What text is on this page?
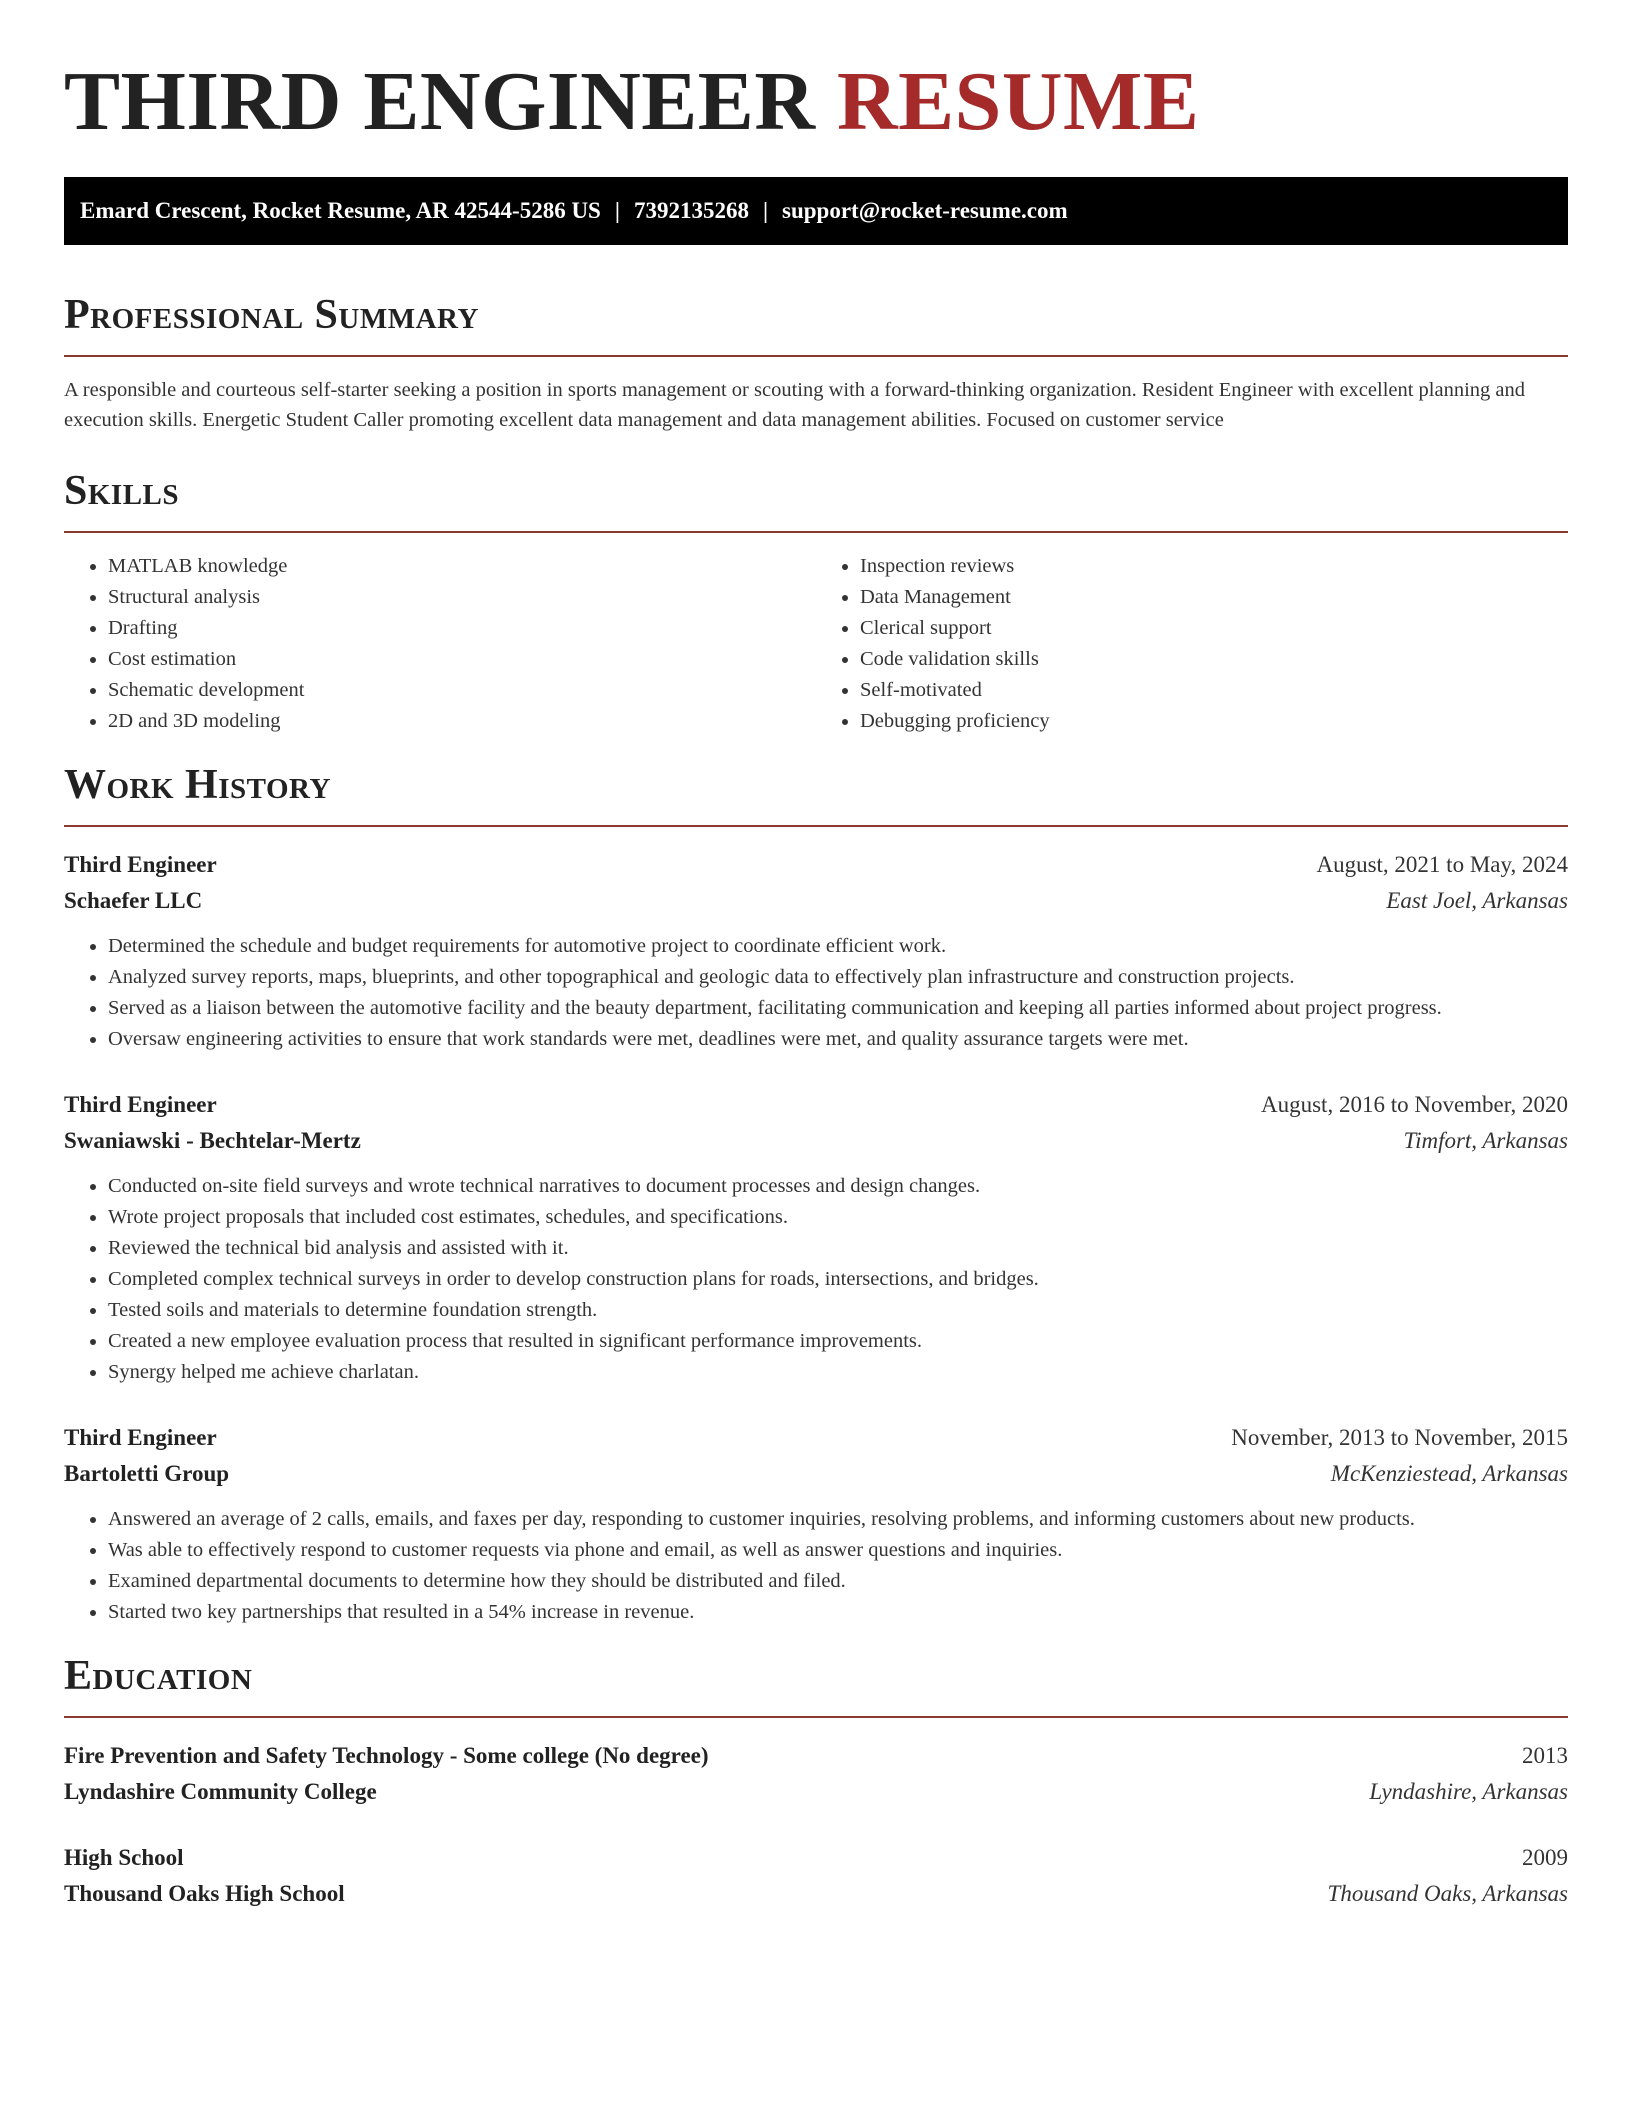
THIRD ENGINEER RESUME
Emard Crescent, Rocket Resume, AR 42544-5286 US | 7392135268 | support@rocket-resume.com
Professional Summary

A responsible and courteous self-starter seeking a position in sports management or scouting with a forward-thinking organization. Resident Engineer with excellent planning and execution skills. Energetic Student Caller promoting excellent data management and data management abilities. Focused on customer service

Skills
• MATLAB knowledge
• Structural analysis
• Drafting
• Cost estimation
• Schematic development
• 2D and 3D modeling
• Inspection reviews
• Data Management
• Clerical support
• Code validation skills
• Self-motivated
• Debugging proficiency
Work History
Third Engineer	August, 2021 to May, 2024
Schaefer LLC	East Joel, Arkansas
• Determined the schedule and budget requirements for automotive project to coordinate efficient work.
• Analyzed survey reports, maps, blueprints, and other topographical and geologic data to effectively plan infrastructure and construction projects.
• Served as a liaison between the automotive facility and the beauty department, facilitating communication and keeping all parties informed about project progress.
• Oversaw engineering activities to ensure that work standards were met, deadlines were met, and quality assurance targets were met.
Third Engineer	August, 2016 to November, 2020
Swaniawski - Bechtelar-Mertz	Timfort, Arkansas
• Conducted on-site field surveys and wrote technical narratives to document processes and design changes.
• Wrote project proposals that included cost estimates, schedules, and specifications.
• Reviewed the technical bid analysis and assisted with it.
• Completed complex technical surveys in order to develop construction plans for roads, intersections, and bridges.
• Tested soils and materials to determine foundation strength.
• Created a new employee evaluation process that resulted in significant performance improvements.
• Synergy helped me achieve charlatan.
Third Engineer	November, 2013 to November, 2015
Bartoletti Group	McKenziestead, Arkansas
• Answered an average of 2 calls, emails, and faxes per day, responding to customer inquiries, resolving problems, and informing customers about new products.
• Was able to effectively respond to customer requests via phone and email, as well as answer questions and inquiries.
• Examined departmental documents to determine how they should be distributed and filed.
• Started two key partnerships that resulted in a 54% increase in revenue.
Education
Fire Prevention and Safety Technology - Some college (No degree)	2013
Lyndashire Community College	Lyndashire, Arkansas
High School	2009
Thousand Oaks High School	Thousand Oaks, Arkansas
